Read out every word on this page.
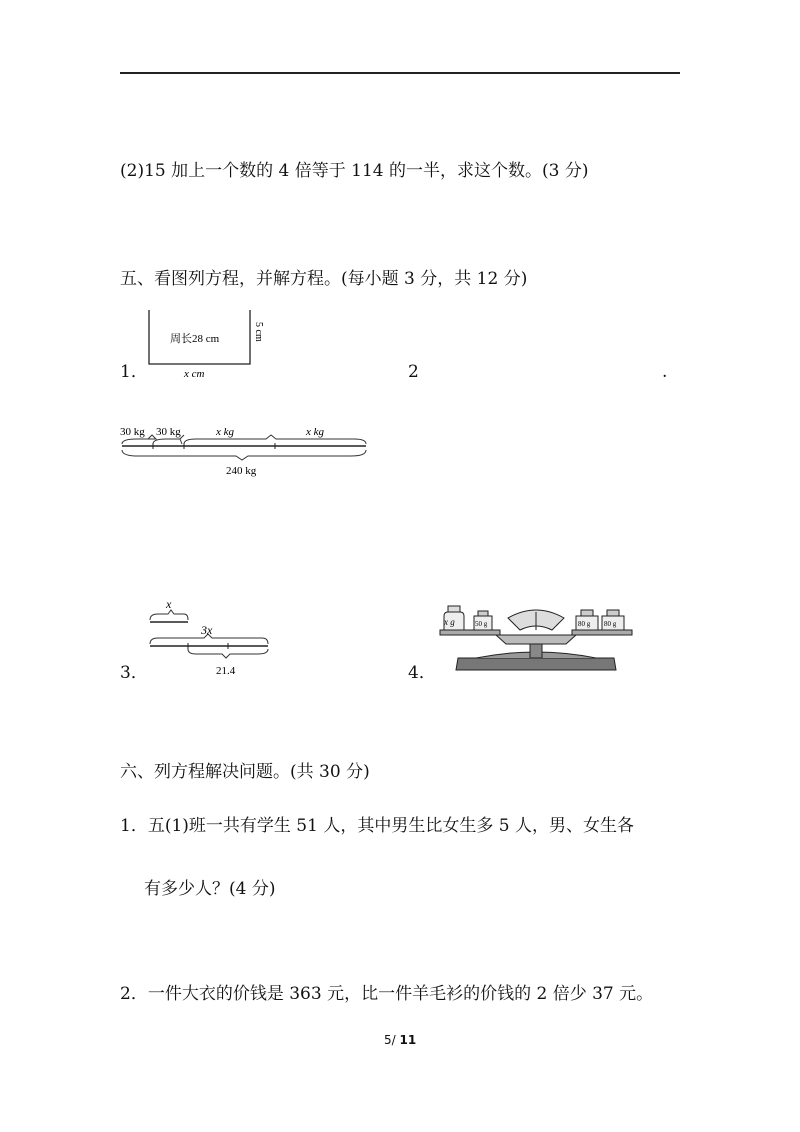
(2)15 加上一个数的 4 倍等于 114 的一半，求这个数。(3 分)
五、看图列方程，并解方程。(每小题 3 分，共 12 分)
1．
周长28 cm	5 cm
x cm	2	.
30 kg 30 kg	x kg	x kg
240 kg
3．
x
3x
21.4	4．
x g	50 g	80 g 80 g
六、列方程解决问题。(共 30 分)
1．五(1)班一共有学生 51 人，其中男生比女生多 5 人，男、女生各
有多少人？(4 分)
2．一件大衣的价钱是 363 元，比一件羊毛衫的价钱的 2 倍少 37 元。
5/ 11
